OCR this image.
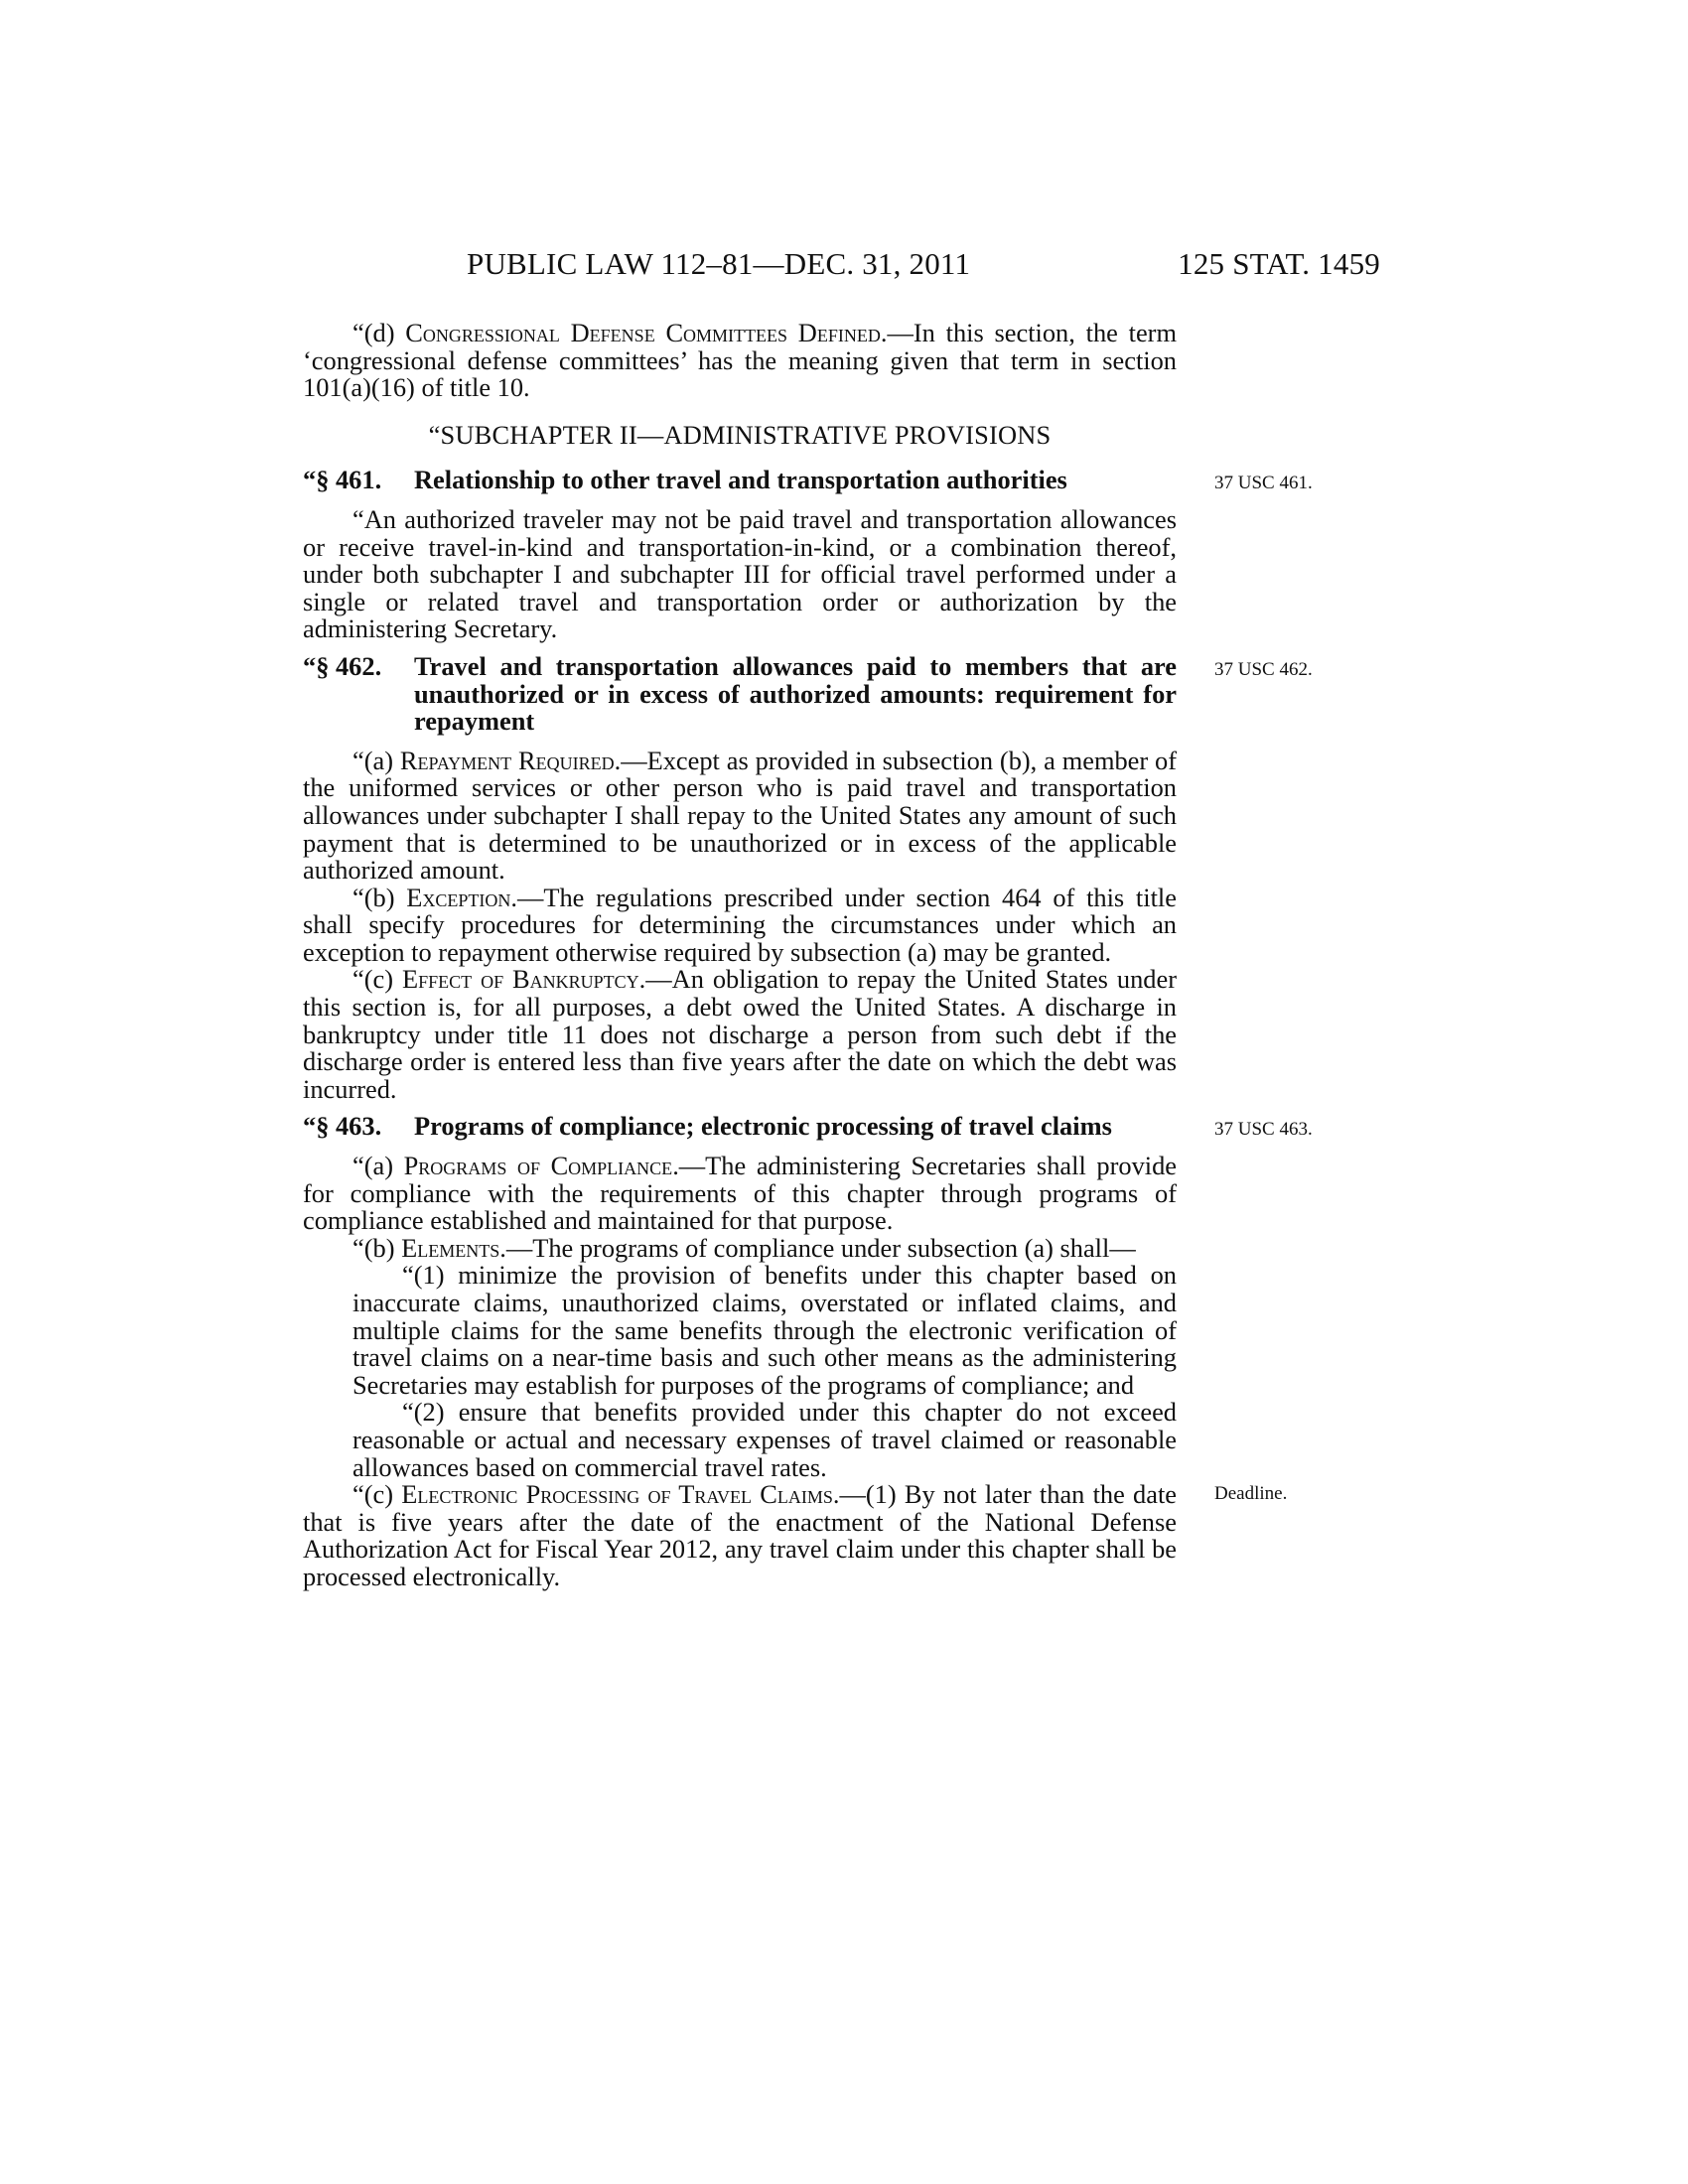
PUBLIC LAW 112–81—DEC. 31, 2011	125 STAT. 1459

“(d) Congressional Defense Committees Defined.—In this section, the term ‘congressional defense committees’ has the meaning given that term in section 101(a)(16) of title 10.

“SUBCHAPTER II—ADMINISTRATIVE PROVISIONS

37 USC 461.

“§ 461. Relationship to other travel and transportation authorities

“An authorized traveler may not be paid travel and transportation allowances or receive travel-in-kind and transportation-in-kind, or a combination thereof, under both subchapter I and subchapter III for official travel performed under a single or related travel and transportation order or authorization by the administering Secretary.

37 USC 462.

“§ 462. Travel and transportation allowances paid to members that are unauthorized or in excess of authorized amounts: requirement for repayment

“(a) Repayment Required.—Except as provided in subsection (b), a member of the uniformed services or other person who is paid travel and transportation allowances under subchapter I shall repay to the United States any amount of such payment that is determined to be unauthorized or in excess of the applicable authorized amount.

“(b) Exception.—The regulations prescribed under section 464 of this title shall specify procedures for determining the circumstances under which an exception to repayment otherwise required by subsection (a) may be granted.

“(c) Effect of Bankruptcy.—An obligation to repay the United States under this section is, for all purposes, a debt owed the United States. A discharge in bankruptcy under title 11 does not discharge a person from such debt if the discharge order is entered less than five years after the date on which the debt was incurred.

37 USC 463.

“§ 463. Programs of compliance; electronic processing of travel claims

“(a) Programs of Compliance.—The administering Secretaries shall provide for compliance with the requirements of this chapter through programs of compliance established and maintained for that purpose.

“(b) Elements.—The programs of compliance under subsection (a) shall—

“(1) minimize the provision of benefits under this chapter based on inaccurate claims, unauthorized claims, overstated or inflated claims, and multiple claims for the same benefits through the electronic verification of travel claims on a near-time basis and such other means as the administering Secretaries may establish for purposes of the programs of compliance; and

“(2) ensure that benefits provided under this chapter do not exceed reasonable or actual and necessary expenses of travel claimed or reasonable allowances based on commercial travel rates.

Deadline.

“(c) Electronic Processing of Travel Claims.—(1) By not later than the date that is five years after the date of the enactment of the National Defense Authorization Act for Fiscal Year 2012, any travel claim under this chapter shall be processed electronically.
